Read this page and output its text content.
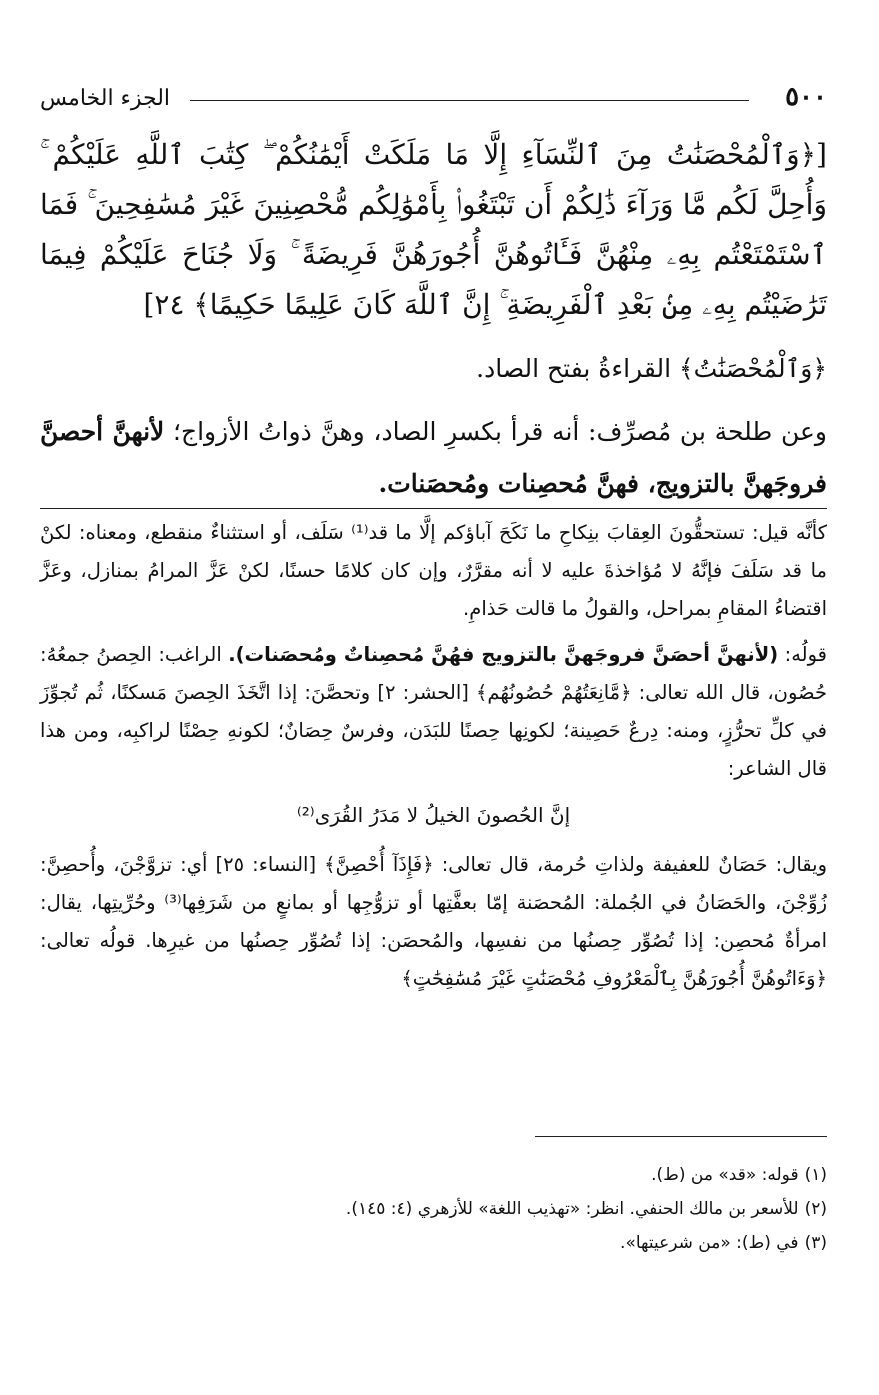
٥٠٠
الجزء الخامس
[﴿وَٱلْمُحْصَنَٰتُ مِنَ ٱلنِّسَآءِ إِلَّا مَا مَلَكَتْ أَيْمَٰنُكُمْ ۖ كِتَٰبَ ٱللَّهِ عَلَيْكُمْ ۚ وَأُحِلَّ لَكُم مَّا وَرَآءَ ذَٰلِكُمْ أَن تَبْتَغُوا۟ بِأَمْوَٰلِكُم مُّحْصِنِينَ غَيْرَ مُسَٰفِحِينَ ۚ فَمَا ٱسْتَمْتَعْتُم بِهِۦ مِنْهُنَّ فَـَٔاتُوهُنَّ أُجُورَهُنَّ فَرِيضَةً ۚ وَلَا جُنَاحَ عَلَيْكُمْ فِيمَا تَرَٰضَيْتُم بِهِۦ مِنۢ بَعْدِ ٱلْفَرِيضَةِ ۚ إِنَّ ٱللَّهَ كَانَ عَلِيمًا حَكِيمًا﴾ ٢٤]
﴿وَٱلْمُحْصَنَٰتُ﴾ القراءةُ بفتح الصاد.
وعن طلحة بن مُصرِّف: أنه قرأ بكسرِ الصاد، وهنَّ ذواتُ الأزواج؛ لأنهنَّ أحصنَّ فروجَهنَّ بالتزويج، فهنَّ مُحصِنات ومُحصَنات.

كأنَّه قيل: تستحقُّونَ العِقابَ بنِكاحِ ما نَكَحَ آباؤكم إلَّا ما قد⁽¹⁾ سَلَف، أو استثناءٌ منقطع، ومعناه: لكنْ ما قد سَلَفَ فإنَّهُ لا مُؤاخذةَ عليه لا أنه مقرَّرٌ، وإن كان كلامًا حسنًا، لكنْ عَزَّ المرامُ بمنازل، وعَزَّ اقتضاءُ المقامِ بمراحل، والقولُ ما قالت حَذامِ.

قولُه: (لأنهنَّ أحصَنَّ فروجَهنَّ بالتزويج فهُنَّ مُحصِناتٌ ومُحصَنات). الراغب: الحِصنُ جمعُهُ: حُصُون، قال الله تعالى: ﴿مَّانِعَتُهُمْ حُصُونُهُم﴾ [الحشر: ٢] وتحصَّنَ: إذا اتَّخَذَ الحِصنَ مَسكنًا، ثُم تُجوِّزَ في كلِّ تحرُّزٍ، ومنه: دِرعٌ حَصِينة؛ لكونِها حِصنًا للبَدَن، وفرسٌ حِصَانٌ؛ لكونهِ حِصْنًا لراكبِه، ومن هذا قال الشاعر:

إنَّ الحُصونَ الخيلُ لا مَدَرُ القُرَى⁽²⁾

ويقال: حَصَانٌ للعفيفة ولذاتِ حُرمة، قال تعالى: ﴿فَإِذَآ أُحْصِنَّ﴾ [النساء: ٢٥] أي: تزوَّجْنَ، وأُحصِنَّ: زُوِّجْنَ، والحَصَانُ في الجُملة: المُحصَنة إمّا بعفَّتِها أو تزوُّجِها أو بمانعٍ من شَرَفِها⁽³⁾ وحُرِّيتِها، يقال: امرأةٌ مُحصِن: إذا تُصُوِّر حِصنُها من نفسِها، والمُحصَن: إذا تُصُوِّر حِصنُها من غيرِها. قولُه تعالى: ﴿وَءَاتُوهُنَّ أُجُورَهُنَّ بِٱلْمَعْرُوفِ مُحْصَنَٰتٍ غَيْرَ مُسَٰفِحَٰتٍ﴾

(١)قوله: «قد» من (ط).

(٢)للأسعر بن مالك الحنفي. انظر: «تهذيب اللغة» للأزهري (٤: ١٤٥).

(٣)في (ط): «من شرعيتها».
